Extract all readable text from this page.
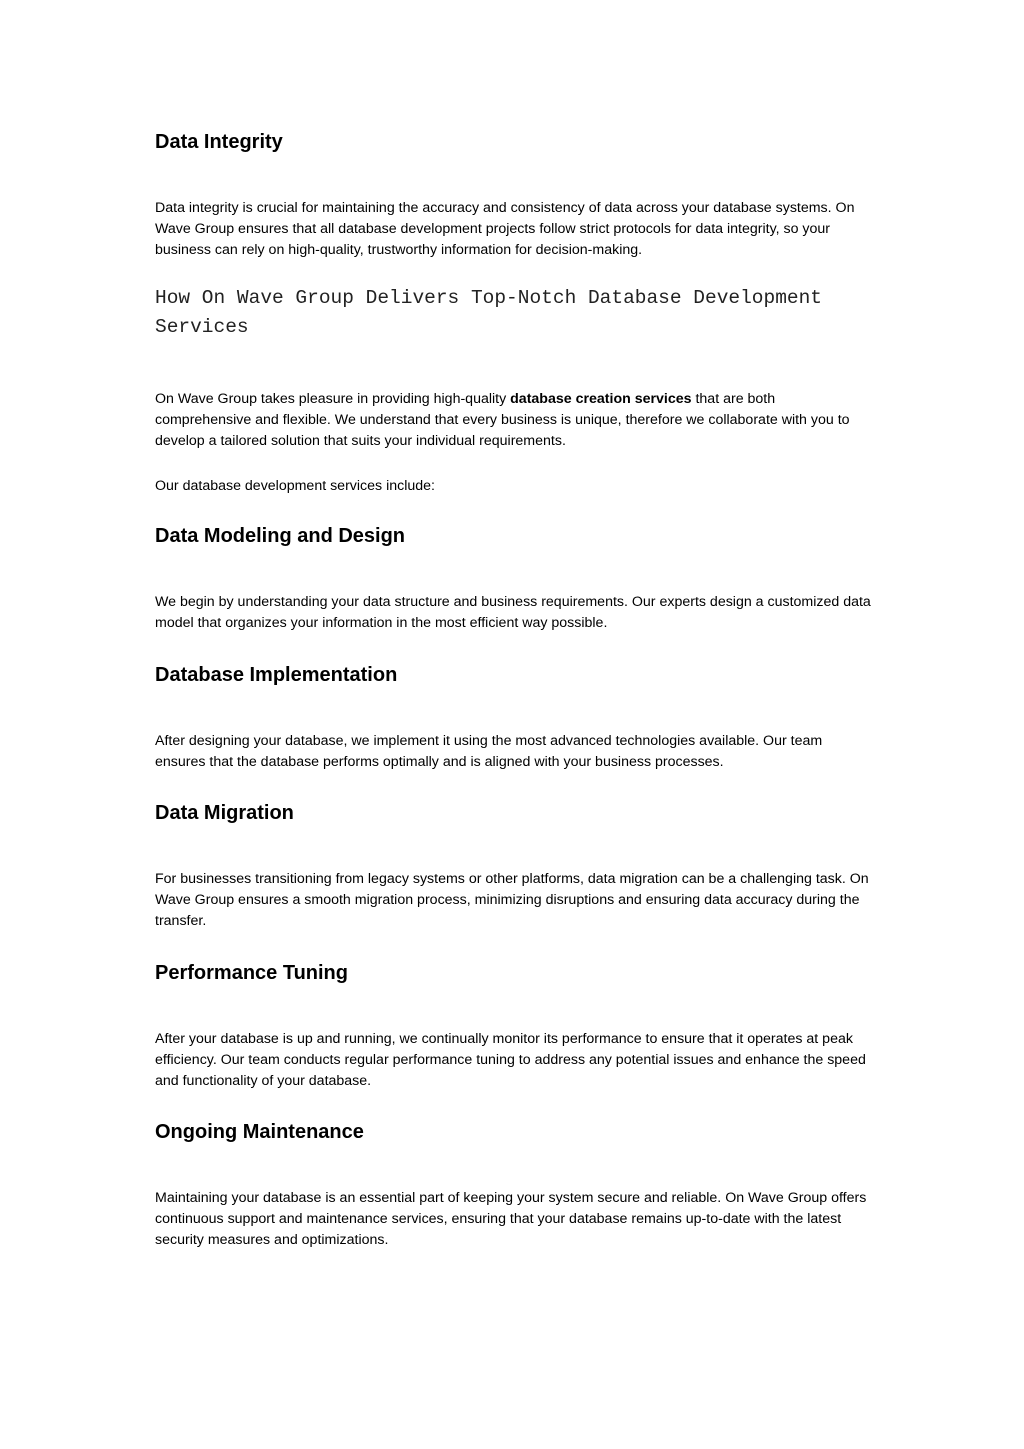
Data Integrity

Data integrity is crucial for maintaining the accuracy and consistency of data across your database systems. On Wave Group ensures that all database development projects follow strict protocols for data integrity, so your business can rely on high-quality, trustworthy information for decision-making.

How On Wave Group Delivers Top-Notch Database Development Services

On Wave Group takes pleasure in providing high-quality database creation services that are both comprehensive and flexible. We understand that every business is unique, therefore we collaborate with you to develop a tailored solution that suits your individual requirements.

Our database development services include:

Data Modeling and Design

We begin by understanding your data structure and business requirements. Our experts design a customized data model that organizes your information in the most efficient way possible.

Database Implementation

After designing your database, we implement it using the most advanced technologies available. Our team ensures that the database performs optimally and is aligned with your business processes.

Data Migration

For businesses transitioning from legacy systems or other platforms, data migration can be a challenging task. On Wave Group ensures a smooth migration process, minimizing disruptions and ensuring data accuracy during the transfer.

Performance Tuning

After your database is up and running, we continually monitor its performance to ensure that it operates at peak efficiency. Our team conducts regular performance tuning to address any potential issues and enhance the speed and functionality of your database.

Ongoing Maintenance

Maintaining your database is an essential part of keeping your system secure and reliable. On Wave Group offers continuous support and maintenance services, ensuring that your database remains up-to-date with the latest security measures and optimizations.
